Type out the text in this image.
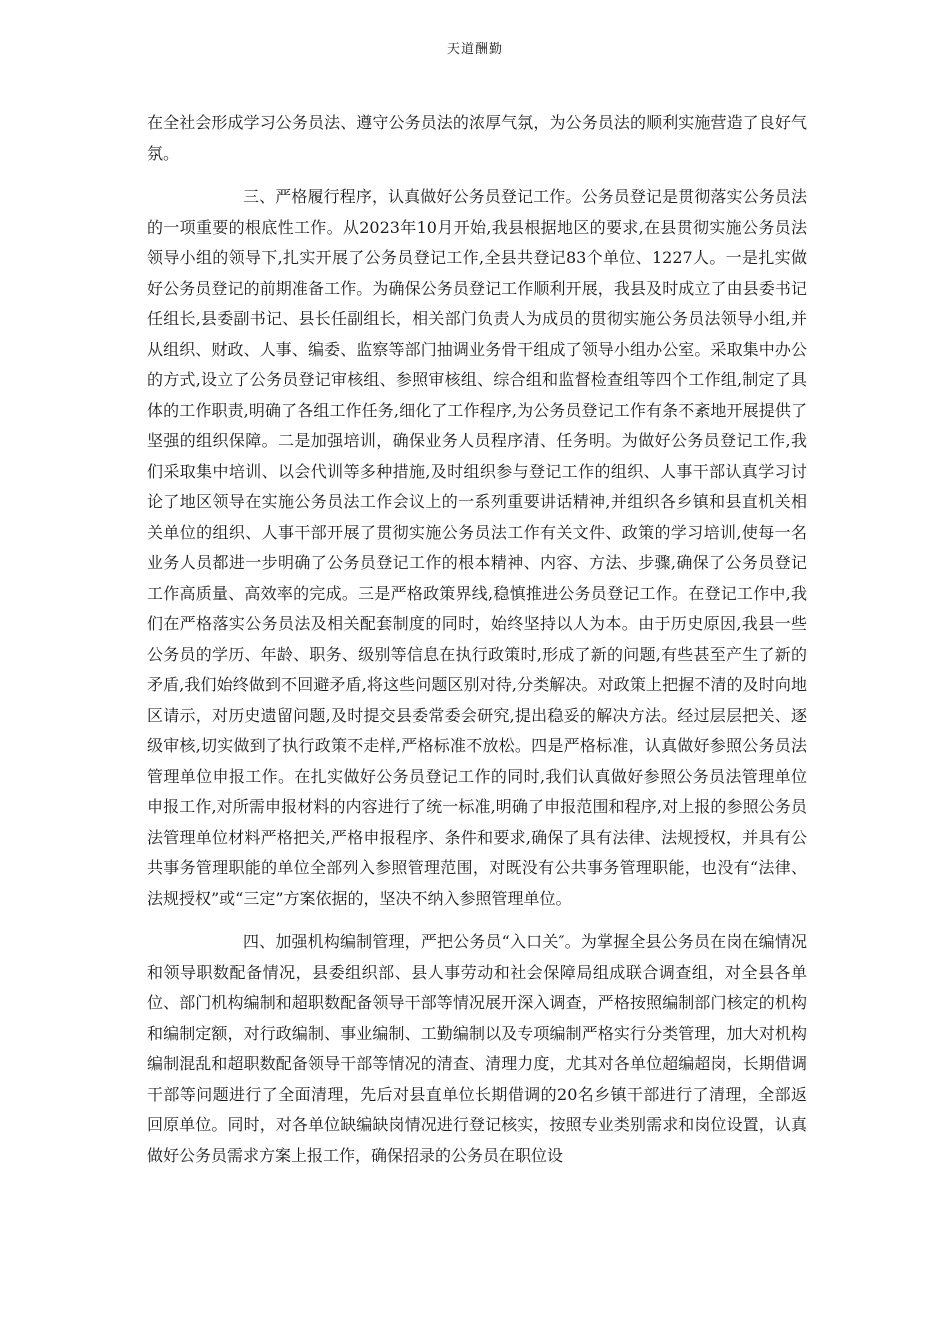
天道酬勤

在全社会形成学习公务员法、遵守公务员法的浓厚气氛，为公务员法的顺利实施营造了良好气氛。

三、严格履行程序，认真做好公务员登记工作。公务员登记是贯彻落实公务员法的一项重要的根底性工作。从2023年10月开始,我县根据地区的要求,在县贯彻实施公务员法领导小组的领导下,扎实开展了公务员登记工作,全县共登记83个单位、1227人。一是扎实做好公务员登记的前期准备工作。为确保公务员登记工作顺利开展，我县及时成立了由县委书记任组长,县委副书记、县长任副组长，相关部门负责人为成员的贯彻实施公务员法领导小组,并从组织、财政、人事、编委、监察等部门抽调业务骨干组成了领导小组办公室。采取集中办公的方式,设立了公务员登记审核组、参照审核组、综合组和监督检查组等四个工作组,制定了具体的工作职责,明确了各组工作任务,细化了工作程序,为公务员登记工作有条不紊地开展提供了坚强的组织保障。二是加强培训，确保业务人员程序清、任务明。为做好公务员登记工作,我们采取集中培训、以会代训等多种措施,及时组织参与登记工作的组织、人事干部认真学习讨论了地区领导在实施公务员法工作会议上的一系列重要讲话精神,并组织各乡镇和县直机关相关单位的组织、人事干部开展了贯彻实施公务员法工作有关文件、政策的学习培训,使每一名业务人员都进一步明确了公务员登记工作的根本精神、内容、方法、步骤,确保了公务员登记工作高质量、高效率的完成。三是严格政策界线,稳慎推进公务员登记工作。在登记工作中,我们在严格落实公务员法及相关配套制度的同时，始终坚持以人为本。由于历史原因,我县一些公务员的学历、年龄、职务、级别等信息在执行政策时,形成了新的问题,有些甚至产生了新的矛盾,我们始终做到不回避矛盾,将这些问题区别对待,分类解决。对政策上把握不清的及时向地区请示，对历史遗留问题,及时提交县委常委会研究,提出稳妥的解决方法。经过层层把关、逐级审核,切实做到了执行政策不走样,严格标准不放松。四是严格标准，认真做好参照公务员法管理单位申报工作。在扎实做好公务员登记工作的同时,我们认真做好参照公务员法管理单位申报工作,对所需申报材料的内容进行了统一标准,明确了申报范围和程序,对上报的参照公务员法管理单位材料严格把关,严格申报程序、条件和要求,确保了具有法律、法规授权，并具有公共事务管理职能的单位全部列入参照管理范围，对既没有公共事务管理职能，也没有“法律、法规授权”或“三定”方案依据的，坚决不纳入参照管理单位。

四、加强机构编制管理，严把公务员“入口关″。为掌握全县公务员在岗在编情况和领导职数配备情况，县委组织部、县人事劳动和社会保障局组成联合调查组，对全县各单位、部门机构编制和超职数配备领导干部等情况展开深入调查，严格按照编制部门核定的机构和编制定额，对行政编制、事业编制、工勤编制以及专项编制严格实行分类管理，加大对机构编制混乱和超职数配备领导干部等情况的清查、清理力度，尤其对各单位超编超岗，长期借调干部等问题进行了全面清理，先后对县直单位长期借调的20名乡镇干部进行了清理，全部返回原单位。同时，对各单位缺编缺岗情况进行登记核实，按照专业类别需求和岗位设置，认真做好公务员需求方案上报工作，确保招录的公务员在职位设
